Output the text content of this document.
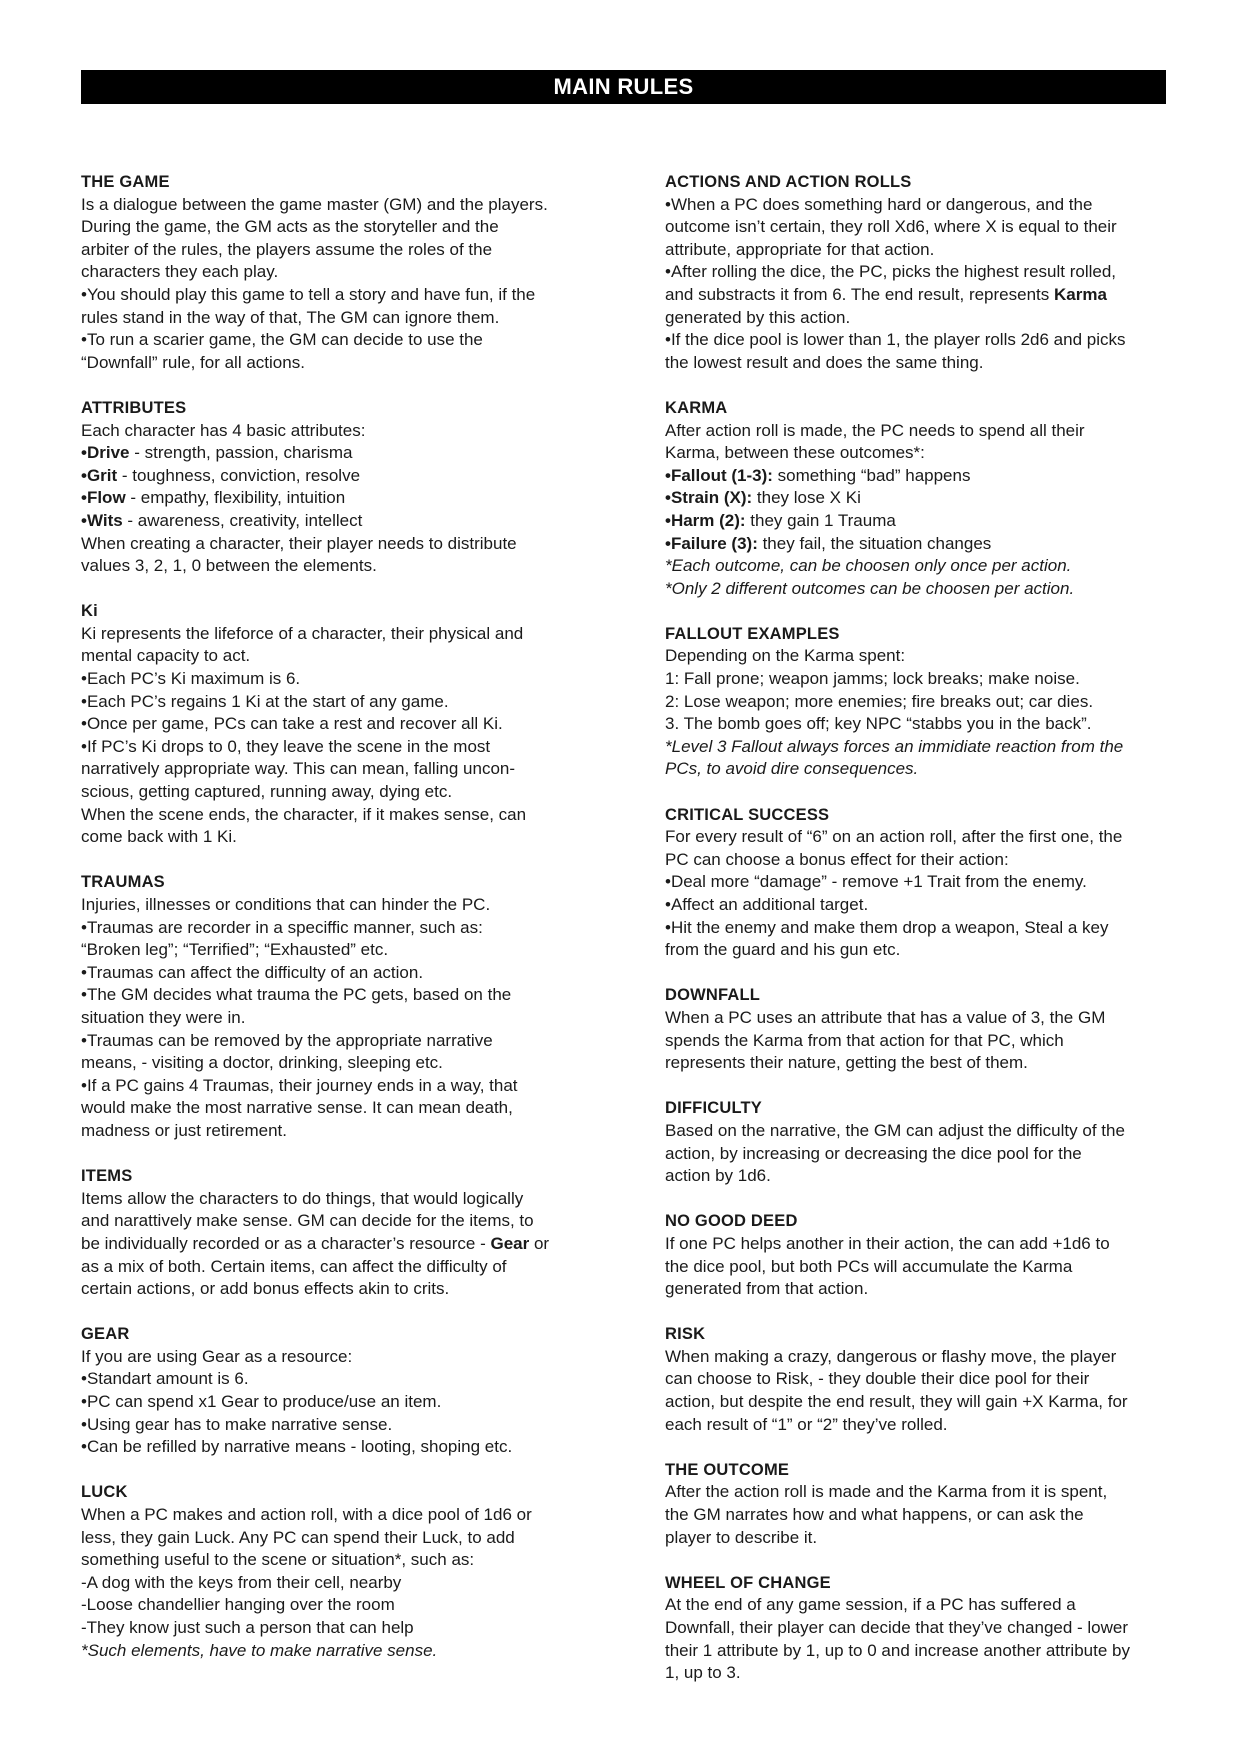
MAIN RULES
THE GAME
Is a dialogue between the game master (GM) and the players.
During the game, the GM acts as the storyteller and the
arbiter of the rules, the players assume the roles of the
characters they each play.
•You should play this game to tell a story and have fun, if the
rules stand in the way of that, The GM can ignore them.
•To run a scarier game, the GM can decide to use the
“Downfall” rule, for all actions.
ATTRIBUTES
Each character has 4 basic attributes:
•Drive - strength, passion, charisma
•Grit - toughness, conviction, resolve
•Flow - empathy, flexibility, intuition
•Wits - awareness, creativity, intellect
When creating a character, their player needs to distribute
values 3, 2, 1, 0 between the elements.
Ki
Ki represents the lifeforce of a character, their physical and
mental capacity to act.
•Each PC’s Ki maximum is 6.
•Each PC’s regains 1 Ki at the start of any game.
•Once per game, PCs can take a rest and recover all Ki.
•If PC’s Ki drops to 0, they leave the scene in the most
narratively appropriate way. This can mean, falling uncon-
scious, getting captured, running away, dying etc.
When the scene ends, the character, if it makes sense, can
come back with 1 Ki.
TRAUMAS
Injuries, illnesses or conditions that can hinder the PC.
•Traumas are recorder in a speciffic manner, such as:
“Broken leg”; “Terrified”; “Exhausted” etc.
•Traumas can affect the difficulty of an action.
•The GM decides what trauma the PC gets, based on the
situation they were in.
•Traumas can be removed by the appropriate narrative
means, - visiting a doctor, drinking, sleeping etc.
•If a PC gains 4 Traumas, their journey ends in a way, that
would make the most narrative sense. It can mean death,
madness or just retirement.
ITEMS
Items allow the characters to do things, that would logically
and narattively make sense. GM can decide for the items, to
be individually recorded or as a character’s resource - Gear or
as a mix of both. Certain items, can affect the difficulty of
certain actions, or add bonus effects akin to crits.
GEAR
If you are using Gear as a resource:
•Standart amount is 6.
•PC can spend x1 Gear to produce/use an item.
•Using gear has to make narrative sense.
•Can be refilled by narrative means - looting, shoping etc.
LUCK
When a PC makes and action roll, with a dice pool of 1d6 or
less, they gain Luck. Any PC can spend their Luck, to add
something useful to the scene or situation*, such as:
-A dog with the keys from their cell, nearby
-Loose chandellier hanging over the room
-They know just such a person that can help
*Such elements, have to make narrative sense.
ACTIONS AND ACTION ROLLS
•When a PC does something hard or dangerous, and the
outcome isn’t certain, they roll Xd6, where X is equal to their
attribute, appropriate for that action.
•After rolling the dice, the PC, picks the highest result rolled,
and substracts it from 6. The end result, represents Karma
generated by this action.
•If the dice pool is lower than 1, the player rolls 2d6 and picks
the lowest result and does the same thing.
KARMA
After action roll is made, the PC needs to spend all their
Karma, between these outcomes*:
•Fallout (1-3): something “bad” happens
•Strain (X): they lose X Ki
•Harm (2): they gain 1 Trauma
•Failure (3): they fail, the situation changes
*Each outcome, can be choosen only once per action.
*Only 2 different outcomes can be choosen per action.
FALLOUT EXAMPLES
Depending on the Karma spent:
1: Fall prone; weapon jamms; lock breaks; make noise.
2: Lose weapon; more enemies; fire breaks out; car dies.
3. The bomb goes off; key NPC “stabbs you in the back”.
*Level 3 Fallout always forces an immidiate reaction from the
PCs, to avoid dire consequences.
CRITICAL SUCCESS
For every result of “6” on an action roll, after the first one, the
PC can choose a bonus effect for their action:
•Deal more “damage” - remove +1 Trait from the enemy.
•Affect an additional target.
•Hit the enemy and make them drop a weapon, Steal a key
from the guard and his gun etc.
DOWNFALL
When a PC uses an attribute that has a value of 3, the GM
spends the Karma from that action for that PC, which
represents their nature, getting the best of them.
DIFFICULTY
Based on the narrative, the GM can adjust the difficulty of the
action, by increasing or decreasing the dice pool for the
action by 1d6.
NO GOOD DEED
If one PC helps another in their action, the can add +1d6 to
the dice pool, but both PCs will accumulate the Karma
generated from that action.
RISK
When making a crazy, dangerous or flashy move, the player
can choose to Risk, - they double their dice pool for their
action, but despite the end result, they will gain +X Karma, for
each result of “1” or “2” they’ve rolled.
THE OUTCOME
After the action roll is made and the Karma from it is spent,
the GM narrates how and what happens, or can ask the
player to describe it.
WHEEL OF CHANGE
At the end of any game session, if a PC has suffered a
Downfall, their player can decide that they’ve changed - lower
their 1 attribute by 1, up to 0 and increase another attribute by
1, up to 3.
